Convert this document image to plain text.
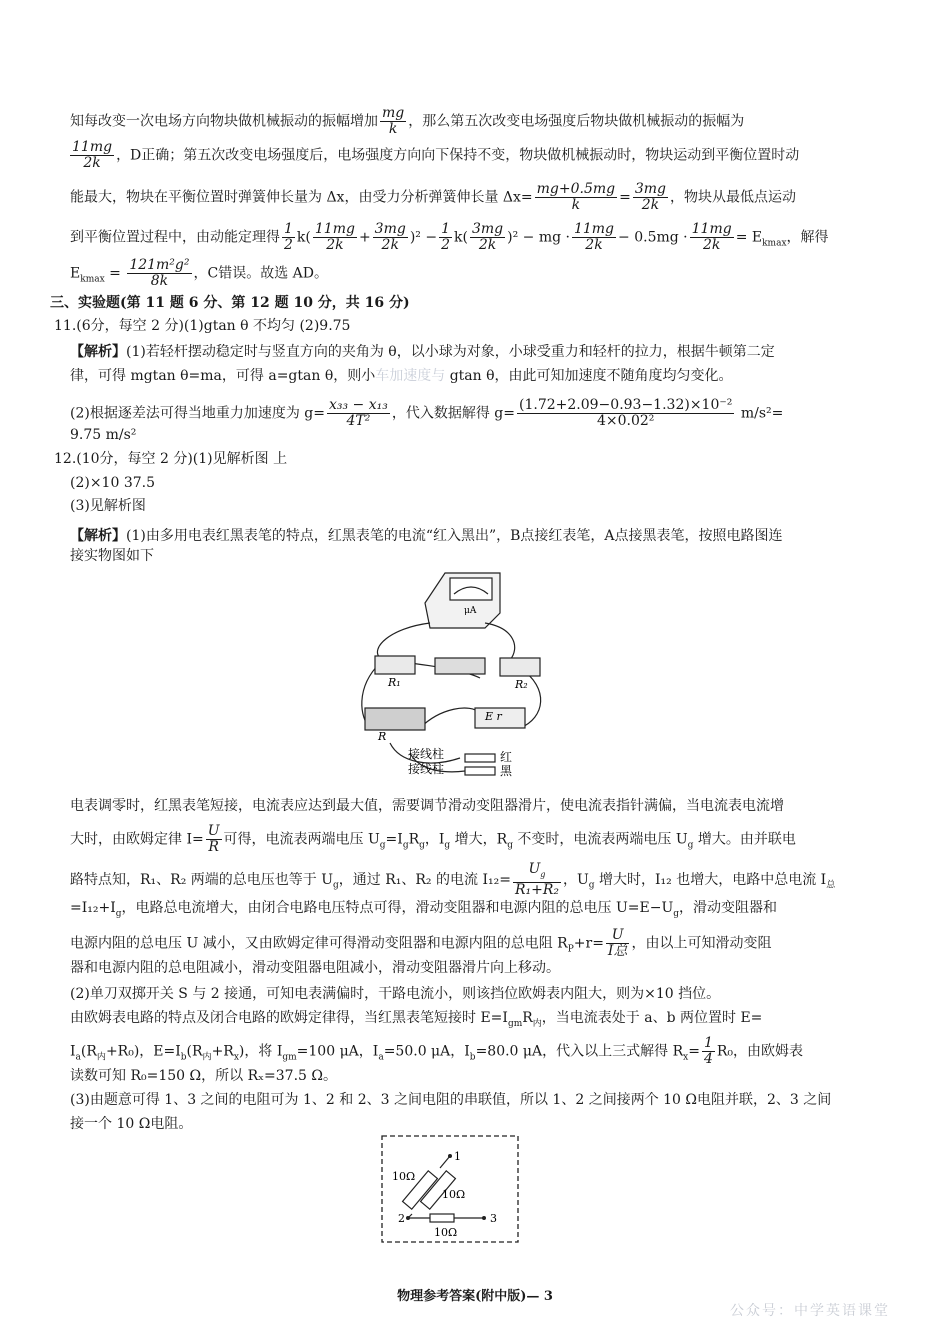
知每改变一次电场方向物块做机械振动的振幅增加 $\frac{mg}{k}$ ，那么第五次改变电场强度后物块做机械振动的振幅为
$\frac{11mg}{2k}$ ，D正确；第五次改变电场强度后，电场强度方向向下保持不变，物块做机械振动时，物块运动到平衡位置时动
能最大，物块在平衡位置时弹簧伸长量为 Δx，由受力分析弹簧伸长量 $\Delta x= \frac{mg+0.5mg}{k} = \frac{3mg}{2k}$ ，物块从最低点运动
到平衡位置过程中，由动能定理得 $\frac{1}{2} k( \frac{11mg}{2k} + \frac{3mg}{2k} )^2 - \frac{1}{2} k( \frac{3mg}{2k} )^2$ − mg · $\frac{11mg}{2k} - 0.5mg \cdot \frac{11mg}{2k} = E_{kmax}$，解得
$E_{kmax} = \frac{\text{121m²g²}}{8k}$ ，C错误。故选 AD。
三、实验题(第 11 题 6 分、第 12 题 10 分，共 16 分)
11.(6分，每空 2 分)(1)gtan θ 不均匀 (2)9.75
【解析】(1)若轻杆摆动稳定时与竖直方向的夹角为 θ，以小球为对象，小球受重力和轻杆的拉力，根据牛顿第二定
律，可得 mgtan θ=ma，可得 a=gtan θ，则小车加速度与 gtan θ，由此可知加速度不随角度均匀变化。
(2)根据逐差法可得当地重力加速度为 $g= \frac{\text{x₃₃ − x₁₃}}{\text{4T²}}$ ，代入数据解得 $g= \frac{\text{(1.72+2.09−0.93−1.32)×10⁻²}}{\text{4×0.02²}} m/s^2=$
9.75 m/s²
12.(10分，每空 2 分)(1)见解析图 上
(2)×10 37.5
(3)见解析图
【解析】(1)由多用电表红黑表笔的特点，红黑表笔的电流“红入黑出”，B点接红表笔，A点接黑表笔，按照电路图连
接实物图如下
μA
R₁	R₂
R
E r
接线柱
接线柱
红
黑
电表调零时，红黑表笔短接，电流表应达到最大值，需要调节滑动变阻器滑片，使电流表指针满偏，当电流表电流增
大时，由欧姆定律 $I= \frac{U}{R}$ 可得，电流表两端电压 $U_g=I_gR_g$，$I_g$ 增大，$R_g$ 不变时，电流表两端电压 $U_g$ 增大。由并联电
路特点知，R₁、R₂ 两端的总电压也等于 $U_g$，通过 R₁、R₂ 的电流 $I_{12}= \frac{U_g}{\text{R₁+R₂}}$ ，$U_g$ 增大时，I₁₂ 也增大，电路中总电流 $I_总$
$=I_{12}+I_g$，电路总电流增大，由闭合电路电压特点可得，滑动变阻器和电源内阻的总电压 $U=E-U_g$，滑动变阻器和
电源内阻的总电压 U 减小，又由欧姆定律可得滑动变阻器和电源内阻的总电阻 $R_P+r= \frac{U}{\text{I总}}$ ，由以上可知滑动变阻
器和电源内阻的总电阻减小，滑动变阻器电阻减小，滑动变阻器滑片向上移动。
(2)单刀双掷开关 S 与 2 接通，可知电表满偏时，干路电流小，则该挡位欧姆表内阻大，则为×10 挡位。
由欧姆表电路的特点及闭合电路的欧姆定律得，当红黑表笔短接时 $E=I_{gm}R_内$，当电流表处于 a、b 两位置时 E=
$I_a(R_内+R_0)$，$E=I_b(R_内+R_x)$，将 $I_{gm}=100$ μA，$I_a=50.0$ μA，$I_b=80.0$ μA，代入以上三式解得 $R_x= \frac{1}{4} R_0$，由欧姆表
读数可知 R₀=150 Ω，所以 Rₓ=37.5 Ω。
(3)由题意可得 1、3 之间的电阻可为 1、2 和 2、3 之间电阻的串联值，所以 1、2 之间接两个 10 Ω电阻并联，2、3 之间
接一个 10 Ω电阻。
1
2	3
10Ω
10Ω
10Ω
物理参考答案(附中版)— 3
公众号：中学英语课堂
